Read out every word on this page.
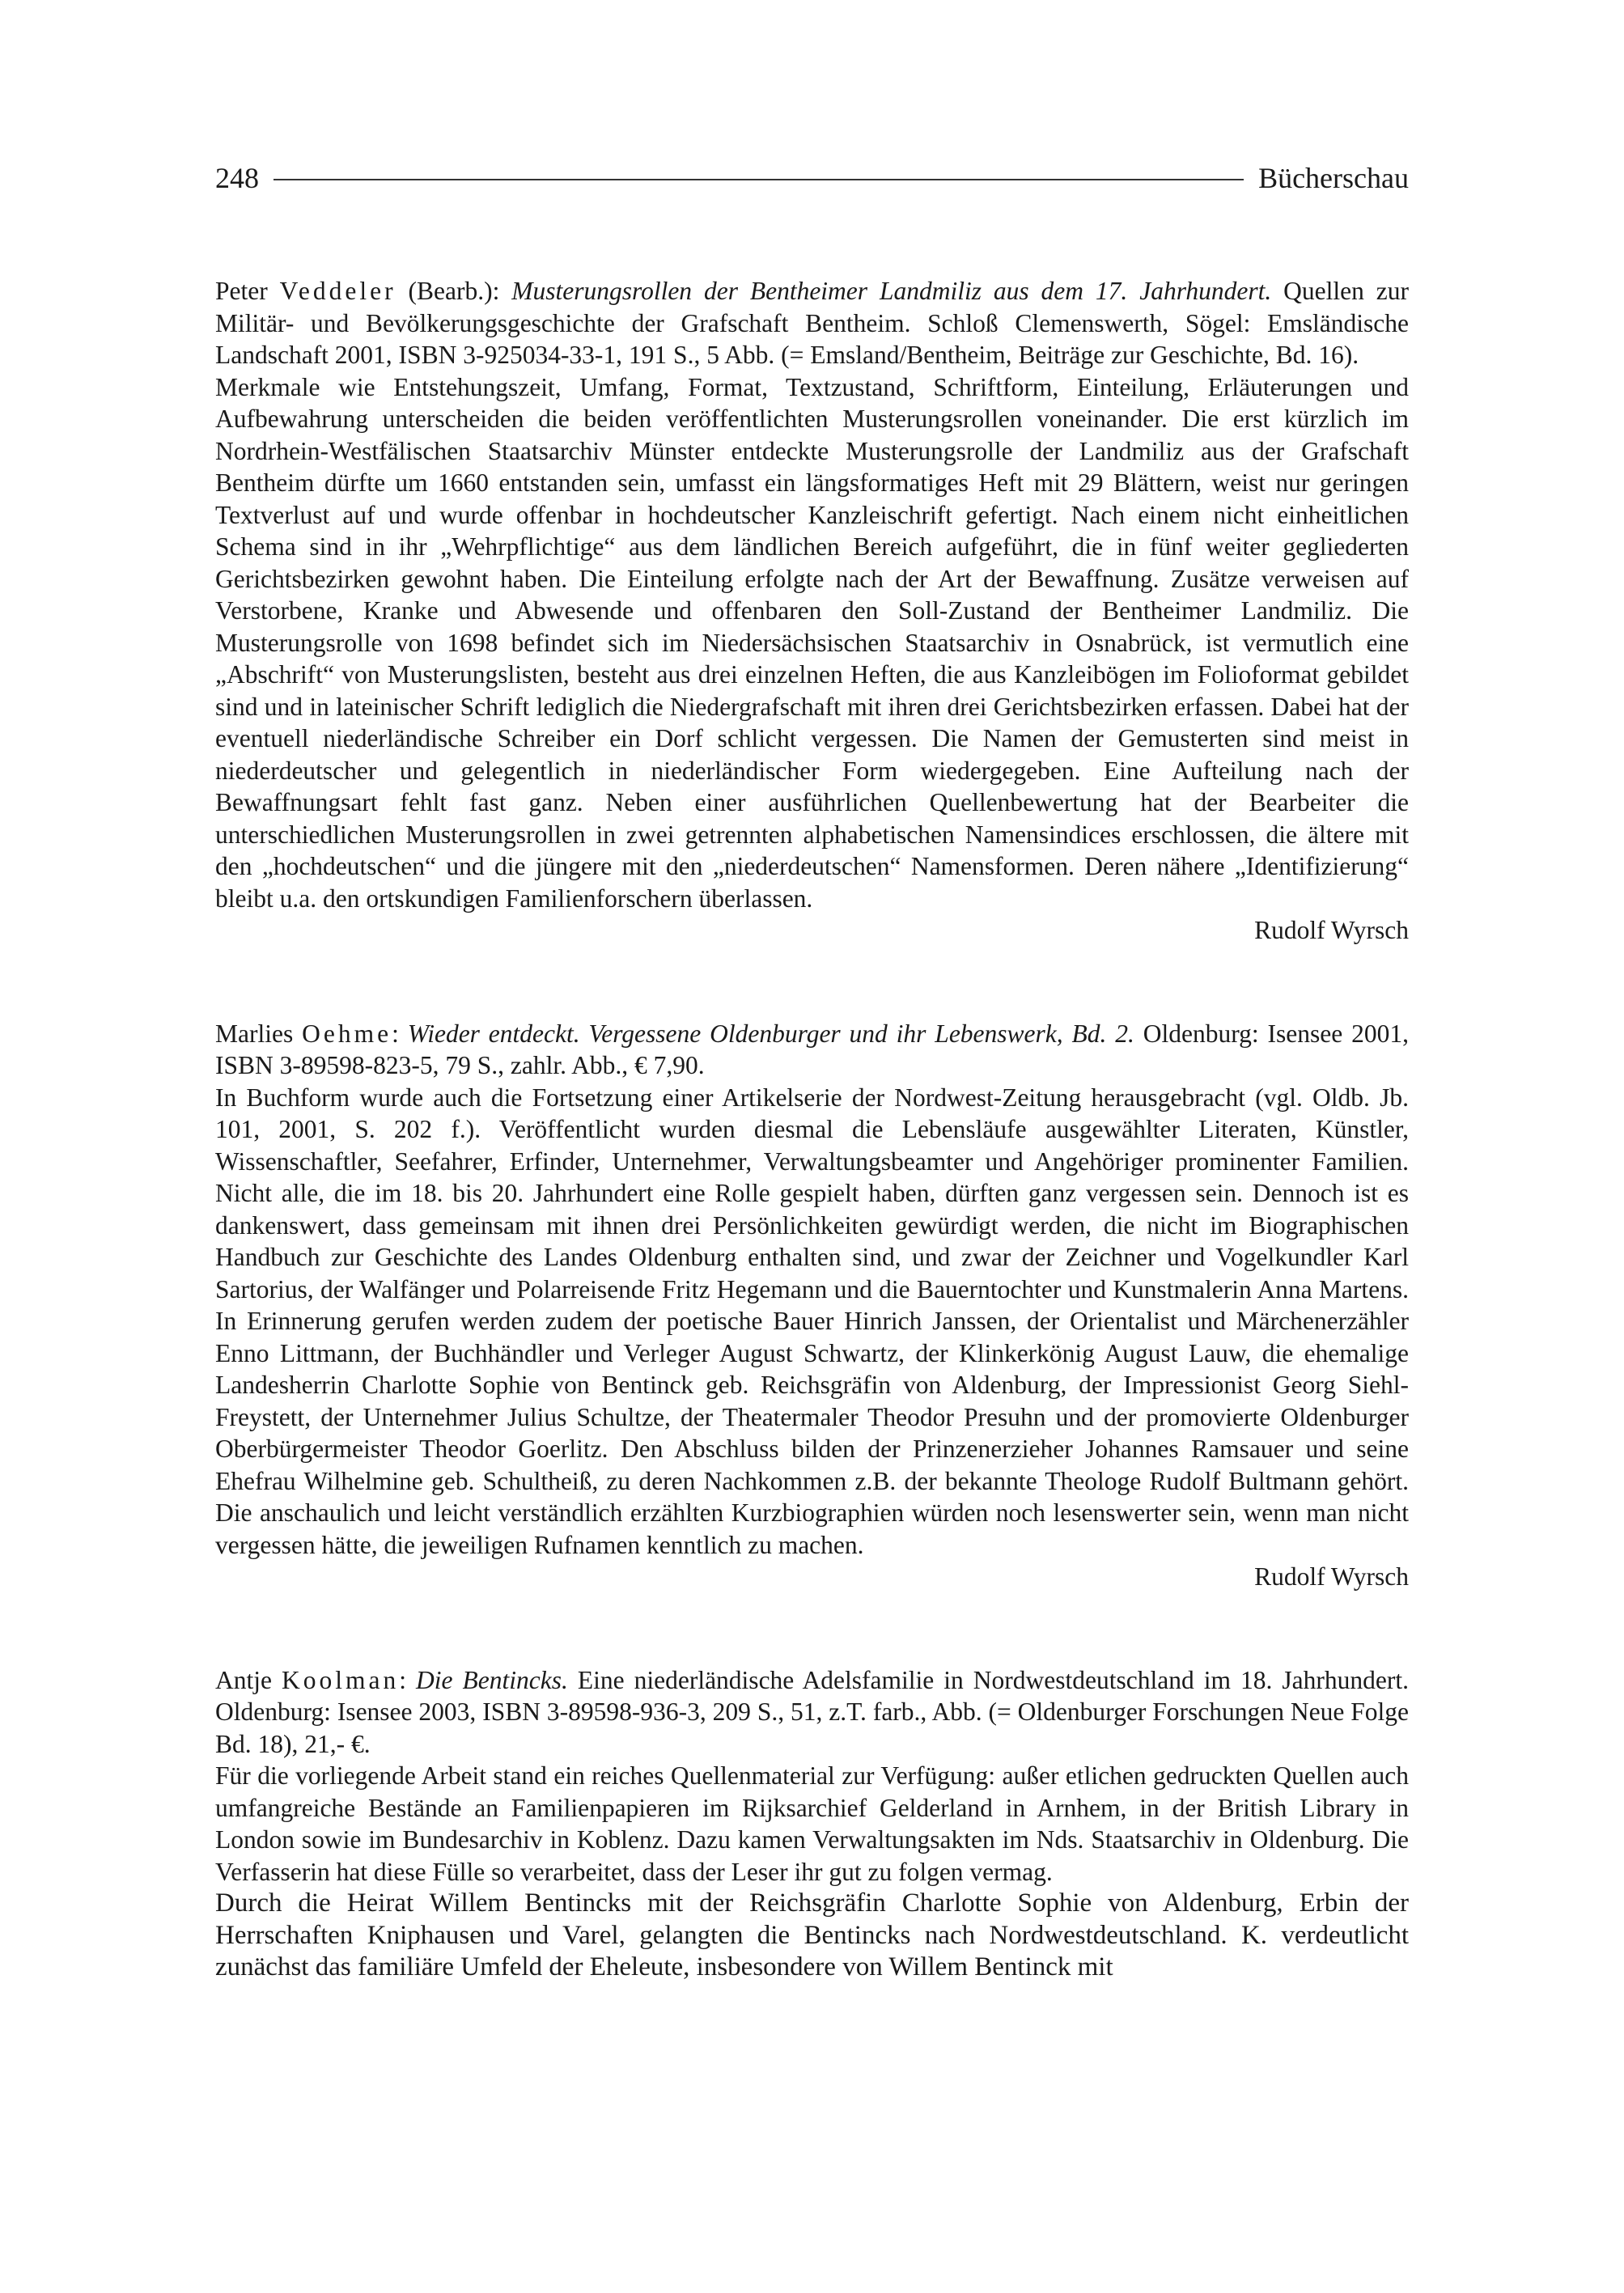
248	Bücherschau

Peter Veddeler (Bearb.): Musterungsrollen der Bentheimer Landmiliz aus dem 17. Jahrhundert. Quellen zur Militär- und Bevölkerungsgeschichte der Grafschaft Bentheim. Schloß Clemenswerth, Sögel: Emsländische Landschaft 2001, ISBN 3-925034-33-1, 191 S., 5 Abb. (= Emsland/Bentheim, Beiträge zur Geschichte, Bd. 16).

Merkmale wie Entstehungszeit, Umfang, Format, Textzustand, Schriftform, Einteilung, Erläuterungen und Aufbewahrung unterscheiden die beiden veröffentlichten Musterungsrollen voneinander. Die erst kürzlich im Nordrhein-Westfälischen Staatsarchiv Münster entdeckte Musterungsrolle der Landmiliz aus der Grafschaft Bentheim dürfte um 1660 entstanden sein, umfasst ein längsformatiges Heft mit 29 Blättern, weist nur geringen Textverlust auf und wurde offenbar in hochdeutscher Kanzleischrift gefertigt. Nach einem nicht einheitlichen Schema sind in ihr „Wehrpflichtige“ aus dem ländlichen Bereich aufgeführt, die in fünf weiter gegliederten Gerichtsbezirken gewohnt haben. Die Einteilung erfolgte nach der Art der Bewaffnung. Zusätze verweisen auf Verstorbene, Kranke und Abwesende und offenbaren den Soll-Zustand der Bentheimer Landmiliz. Die Musterungsrolle von 1698 befindet sich im Niedersächsischen Staatsarchiv in Osnabrück, ist vermutlich eine „Abschrift“ von Musterungslisten, besteht aus drei einzelnen Heften, die aus Kanzleibögen im Folioformat gebildet sind und in lateinischer Schrift lediglich die Niedergrafschaft mit ihren drei Gerichtsbezirken erfassen. Dabei hat der eventuell niederländische Schreiber ein Dorf schlicht vergessen. Die Namen der Gemusterten sind meist in niederdeutscher und gelegentlich in niederländischer Form wiedergegeben. Eine Aufteilung nach der Bewaffnungsart fehlt fast ganz. Neben einer ausführlichen Quellenbewertung hat der Bearbeiter die unterschiedlichen Musterungsrollen in zwei getrennten alphabetischen Namensindices erschlossen, die ältere mit den „hochdeutschen“ und die jüngere mit den „niederdeutschen“ Namensformen. Deren nähere „Identifizierung“ bleibt u.a. den ortskundigen Familienforschern überlassen.

Rudolf Wyrsch

Marlies Oehme: Wieder entdeckt. Vergessene Oldenburger und ihr Lebenswerk, Bd. 2. Oldenburg: Isensee 2001, ISBN 3-89598-823-5, 79 S., zahlr. Abb., € 7,90.

In Buchform wurde auch die Fortsetzung einer Artikelserie der Nordwest-Zeitung herausgebracht (vgl. Oldb. Jb. 101, 2001, S. 202 f.). Veröffentlicht wurden diesmal die Lebensläufe ausgewählter Literaten, Künstler, Wissenschaftler, Seefahrer, Erfinder, Unternehmer, Verwaltungsbeamter und Angehöriger prominenter Familien. Nicht alle, die im 18. bis 20. Jahrhundert eine Rolle gespielt haben, dürften ganz vergessen sein. Dennoch ist es dankenswert, dass gemeinsam mit ihnen drei Persönlichkeiten gewürdigt werden, die nicht im Biographischen Handbuch zur Geschichte des Landes Oldenburg enthalten sind, und zwar der Zeichner und Vogelkundler Karl Sartorius, der Walfänger und Polarreisende Fritz Hegemann und die Bauerntochter und Kunstmalerin Anna Martens. In Erinnerung gerufen werden zudem der poetische Bauer Hinrich Janssen, der Orientalist und Märchenerzähler Enno Littmann, der Buchhändler und Verleger August Schwartz, der Klinkerkönig August Lauw, die ehemalige Landesherrin Charlotte Sophie von Bentinck geb. Reichsgräfin von Aldenburg, der Impressionist Georg Siehl-Freystett, der Unternehmer Julius Schultze, der Theatermaler Theodor Presuhn und der promovierte Oldenburger Oberbürgermeister Theodor Goerlitz. Den Abschluss bilden der Prinzenerzieher Johannes Ramsauer und seine Ehefrau Wilhelmine geb. Schultheiß, zu deren Nachkommen z.B. der bekannte Theologe Rudolf Bultmann gehört. Die anschaulich und leicht verständlich erzählten Kurzbiographien würden noch lesenswerter sein, wenn man nicht vergessen hätte, die jeweiligen Rufnamen kenntlich zu machen.

Rudolf Wyrsch

Antje Koolman: Die Bentincks. Eine niederländische Adelsfamilie in Nordwestdeutschland im 18. Jahrhundert. Oldenburg: Isensee 2003, ISBN 3-89598-936-3, 209 S., 51, z.T. farb., Abb. (= Oldenburger Forschungen Neue Folge Bd. 18), 21,- €.

Für die vorliegende Arbeit stand ein reiches Quellenmaterial zur Verfügung: außer etlichen gedruckten Quellen auch umfangreiche Bestände an Familienpapieren im Rijksarchief Gelderland in Arnhem, in der British Library in London sowie im Bundesarchiv in Koblenz. Dazu kamen Verwaltungsakten im Nds. Staatsarchiv in Oldenburg. Die Verfasserin hat diese Fülle so verarbeitet, dass der Leser ihr gut zu folgen vermag.

Durch die Heirat Willem Bentincks mit der Reichsgräfin Charlotte Sophie von Aldenburg, Erbin der Herrschaften Kniphausen und Varel, gelangten die Bentincks nach Nordwestdeutschland. K. verdeutlicht zunächst das familiäre Umfeld der Eheleute, insbesondere von Willem Bentinck mit
